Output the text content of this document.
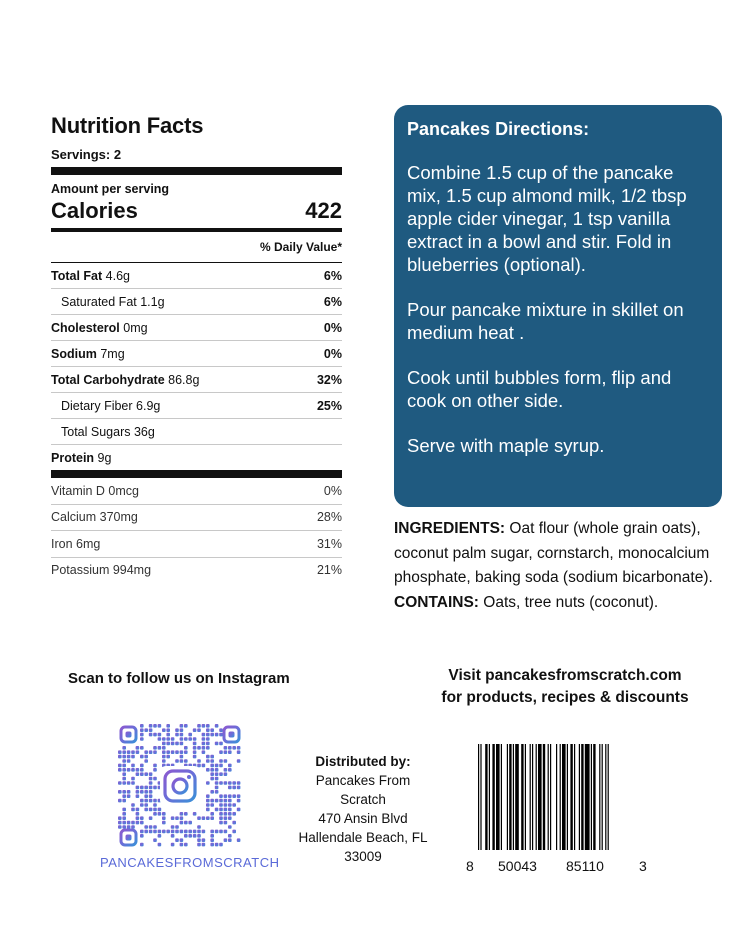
Nutrition Facts
Servings: 2
Amount per serving
Calories	422
% Daily Value*
Total Fat 4.6g	6%
Saturated Fat 1.1g	6%
Cholesterol 0mg	0%
Sodium 7mg	0%
Total Carbohydrate 86.8g	32%
Dietary Fiber 6.9g	25%
Total Sugars 36g
Protein 9g
Vitamin D 0mcg	0%
Calcium 370mg	28%
Iron 6mg	31%
Potassium 994mg	21%
Pancakes Directions:

Combine 1.5 cup of the pancake mix, 1.5 cup almond milk, 1/2 tbsp apple cider vinegar, 1 tsp vanilla extract in a bowl and stir. Fold in blueberries (optional).

Pour pancake mixture in skillet on medium heat .

Cook until bubbles form, flip and cook on other side.

Serve with maple syrup.

INGREDIENTS: Oat flour (whole grain oats), coconut palm sugar, cornstarch, monocalcium phosphate, baking soda (sodium bicarbonate).

CONTAINS: Oats, tree nuts (coconut).

Scan to follow us on Instagram
PANCAKESFROMSCRATCH
Visit pancakesfromscratch.com
for products, recipes & discounts
Distributed by:
Pancakes From
Scratch
470 Ansin Blvd
Hallendale Beach, FL
33009
8 50043 85110	3
